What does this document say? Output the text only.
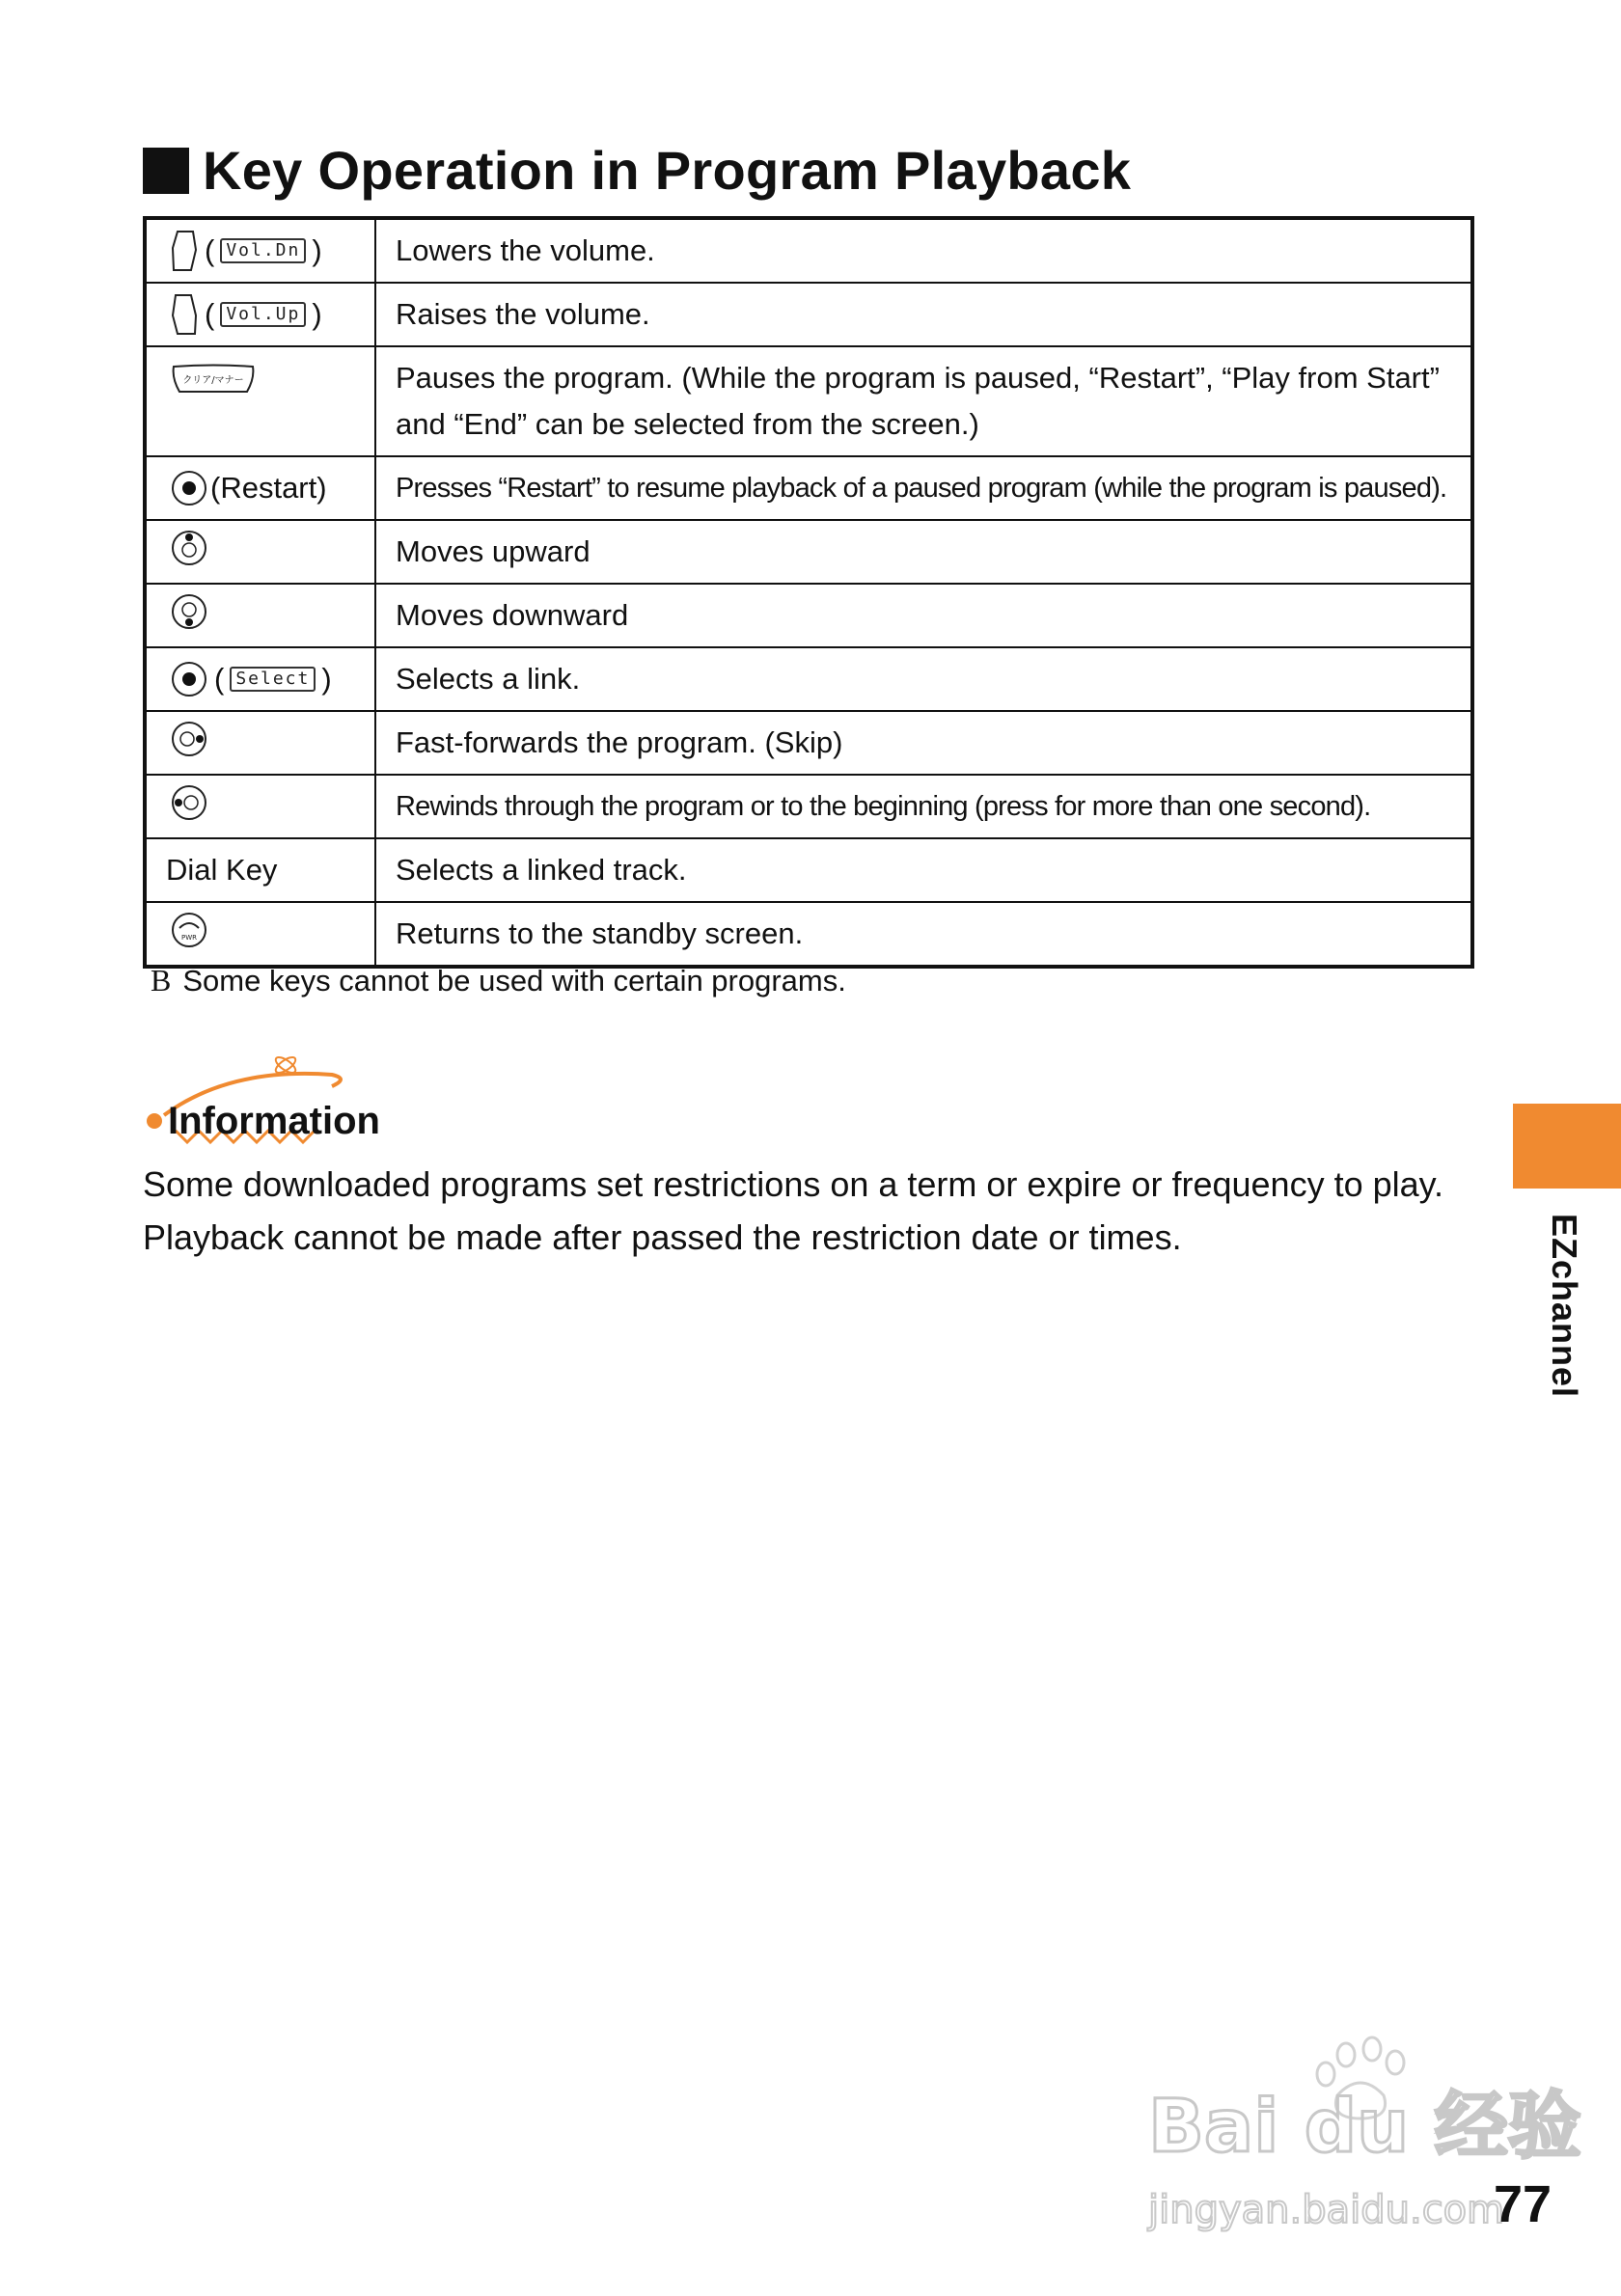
Key Operation in Program Playback
( Vol.Dn )	Lowers the volume.

( Vol.Up )	Raises the volume.

クリア/マナー	Pauses the program. (While the program is paused, “Restart”, “Play from Start” and “End” can be selected from the screen.)

(Restart)	Presses “Restart” to resume playback of a paused program (while the program is paused).
	Moves upward
	Moves downward

( Select )	Selects a link.
	Fast-forwards the program. (Skip)
	Rewinds through the program or to the beginning (press for more than one second).
Dial Key	Selects a linked track.

PWR	Returns to the standby screen.
B Some keys cannot be used with certain programs.
Information
Some downloaded programs set restrictions on a term or expire or frequency to play. Playback cannot be made after passed the restriction date or times.	EZchannel
Bai du 经验
jingyan.baidu.com
77
